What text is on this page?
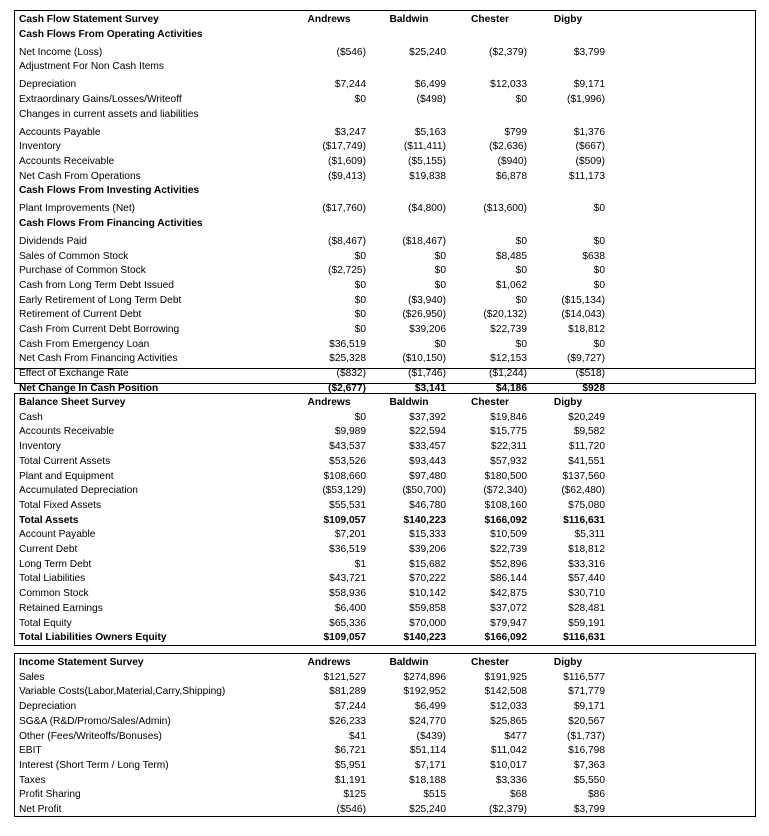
Cash Flow Statement Survey	Andrews	Baldwin	Chester	Digby
Cash Flows From Operating Activities
Net Income (Loss)	($546)	$25,240	($2,379)	$3,799
Adjustment For Non Cash Items
Depreciation	$7,244	$6,499	$12,033	$9,171
Extraordinary Gains/Losses/Writeoff	$0	($498)	$0	($1,996)
Changes in current assets and liabilities
Accounts Payable	$3,247	$5,163	$799	$1,376
Inventory	($17,749)	($11,411)	($2,636)	($667)
Accounts Receivable	($1,609)	($5,155)	($940)	($509)
Net Cash From Operations	($9,413)	$19,838	$6,878	$11,173
Cash Flows From Investing Activities
Plant Improvements (Net)	($17,760)	($4,800)	($13,600)	$0
Cash Flows From Financing Activities
Dividends Paid	($8,467)	($18,467)	$0	$0
Sales of Common Stock	$0	$0	$8,485	$638
Purchase of Common Stock	($2,725)	$0	$0	$0
Cash from Long Term Debt Issued	$0	$0	$1,062	$0
Early Retirement of Long Term Debt	$0	($3,940)	$0	($15,134)
Retirement of Current Debt	$0	($26,950)	($20,132)	($14,043)
Cash From Current Debt Borrowing	$0	$39,206	$22,739	$18,812
Cash From Emergency Loan	$36,519	$0	$0	$0
Net Cash From Financing Activities	$25,328	($10,150)	$12,153	($9,727)
Effect of Exchange Rate	($832)	($1,746)	($1,244)	($518)
Net Change In Cash Position	($2,677)	$3,141	$4,186	$928
Balance Sheet Survey	Andrews	Baldwin	Chester	Digby
Cash	$0	$37,392	$19,846	$20,249
Accounts Receivable	$9,989	$22,594	$15,775	$9,582
Inventory	$43,537	$33,457	$22,311	$11,720
Total Current Assets	$53,526	$93,443	$57,932	$41,551
Plant and Equipment	$108,660	$97,480	$180,500	$137,560
Accumulated Depreciation	($53,129)	($50,700)	($72,340)	($62,480)
Total Fixed Assets	$55,531	$46,780	$108,160	$75,080
Total Assets	$109,057	$140,223	$166,092	$116,631
Account Payable	$7,201	$15,333	$10,509	$5,311
Current Debt	$36,519	$39,206	$22,739	$18,812
Long Term Debt	$1	$15,682	$52,896	$33,316
Total Liabilities	$43,721	$70,222	$86,144	$57,440
Common Stock	$58,936	$10,142	$42,875	$30,710
Retained Earnings	$6,400	$59,858	$37,072	$28,481
Total Equity	$65,336	$70,000	$79,947	$59,191
Total Liabilities Owners Equity	$109,057	$140,223	$166,092	$116,631
Income Statement Survey	Andrews	Baldwin	Chester	Digby
Sales	$121,527	$274,896	$191,925	$116,577
Variable Costs(Labor,Material,Carry,Shipping)	$81,289	$192,952	$142,508	$71,779
Depreciation	$7,244	$6,499	$12,033	$9,171
SG&A (R&D/Promo/Sales/Admin)	$26,233	$24,770	$25,865	$20,567
Other (Fees/Writeoffs/Bonuses)	$41	($439)	$477	($1,737)
EBIT	$6,721	$51,114	$11,042	$16,798
Interest (Short Term / Long Term)	$5,951	$7,171	$10,017	$7,363
Taxes	$1,191	$18,188	$3,336	$5,550
Profit Sharing	$125	$515	$68	$86
Net Profit	($546)	$25,240	($2,379)	$3,799
